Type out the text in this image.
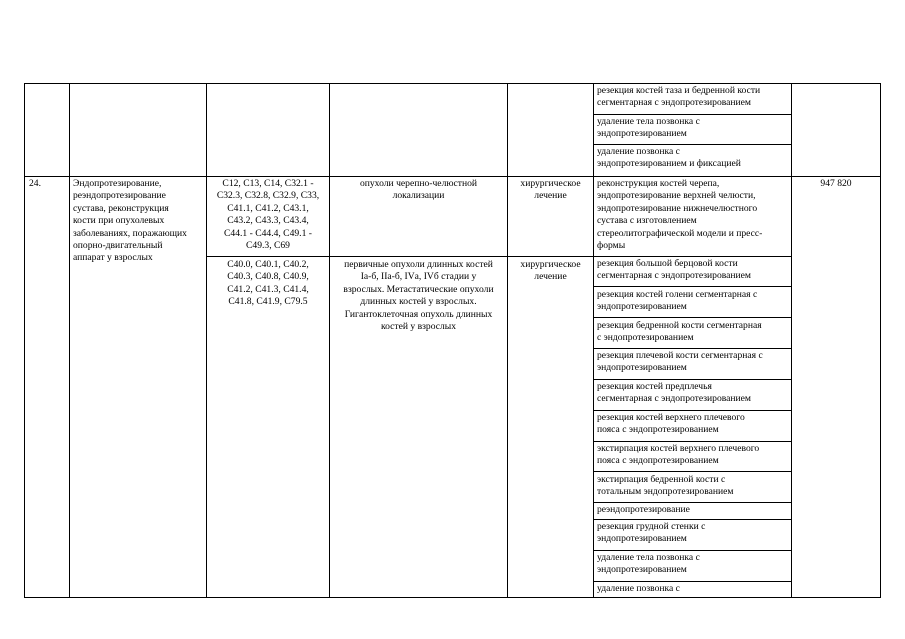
резекция костей таза и бедренной кости
сегментарная с эндопротезированием
удаление тела позвонка с
эндопротезированием
удаление позвонка с
эндопротезированием и фиксацией
24.	Эндопротезирование,
реэндопротезирование
сустава, реконструкция
кости при опухолевых
заболеваниях, поражающих
опорно-двигательный
аппарат у взрослых
С12, С13, С14, С32.1 -
С32.3, С32.8, С32.9, С33,
С41.1, С41.2, С43.1,
С43.2, С43.3, С43.4,
С44.1 - С44.4, С49.1 -
С49.3, С69
опухоли черепно-челюстной
локализации
хирургическое
лечение
реконструкция костей черепа,
эндопротезирование верхней челюсти,
эндопротезирование нижнечелюстного
сустава с изготовлением
стереолитографической модели и пресс-
формы
947 820
С40.0, С40.1, С40.2,
С40.3, С40.8, С40.9,
С41.2, С41.3, С41.4,
С41.8, С41.9, С79.5
первичные опухоли длинных костей
Iа-б, IIа-б, IVа, IVб стадии у
взрослых. Метастатические опухоли
длинных костей у взрослых.
Гигантоклеточная опухоль длинных
костей у взрослых
хирургическое
лечение
резекция большой берцовой кости
сегментарная с эндопротезированием
резекция костей голени сегментарная с
эндопротезированием
резекция бедренной кости сегментарная
с эндопротезированием
резекция плечевой кости сегментарная с
эндопротезированием
резекция костей предплечья
сегментарная с эндопротезированием
резекция костей верхнего плечевого
пояса с эндопротезированием
экстирпация костей верхнего плечевого
пояса с эндопротезированием
экстирпация бедренной кости с
тотальным эндопротезированием
реэндопротезирование
резекция грудной стенки с
эндопротезированием
удаление тела позвонка с
эндопротезированием
удаление позвонка с
